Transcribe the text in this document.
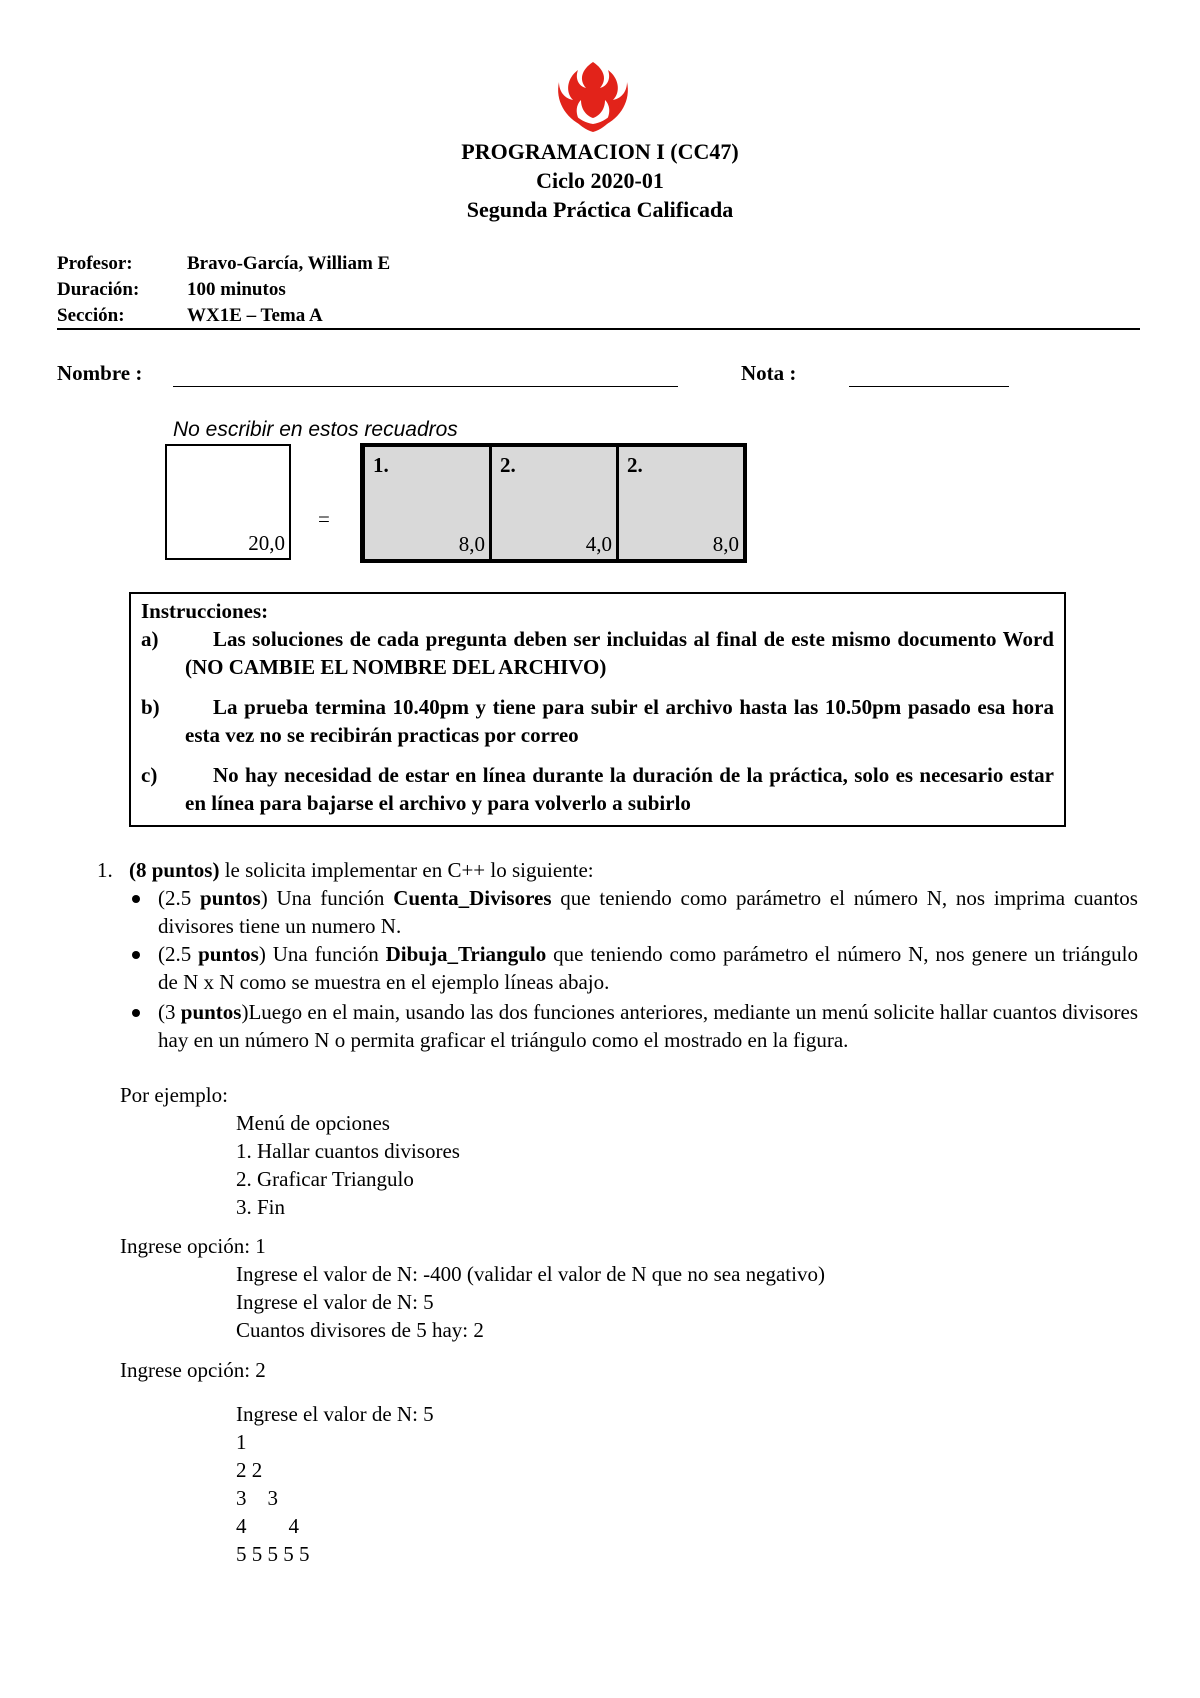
PROGRAMACION I (CC47)
Ciclo 2020-01
Segunda Práctica Calificada
Profesor:	Bravo-García, William E
Duración:	100 minutos
Sección:	WX1E – Tema A
Nombre :	Nota :
No escribir en estos recuadros
20,0
=
1.
8,0
2.
4,0
2.
8,0
Instrucciones:
a)	Las soluciones de cada pregunta deben ser incluidas al final de este mismo documento Word (NO CAMBIE EL NOMBRE DEL ARCHIVO)
b)	La prueba termina 10.40pm y tiene para subir el archivo hasta las 10.50pm pasado esa hora esta vez no se recibirán practicas por correo
c)	No hay necesidad de estar en línea durante la duración de la práctica, solo es necesario estar en línea para bajarse el archivo y para volverlo a subirlo
1. (8 puntos) le solicita implementar en C++ lo siguiente:
(2.5 puntos) Una función Cuenta_Divisores que teniendo como parámetro el número N, nos imprima cuantos divisores tiene un numero N.
(2.5 puntos) Una función Dibuja_Triangulo que teniendo como parámetro el número N, nos genere un triángulo de N x N como se muestra en el ejemplo líneas abajo.
(3 puntos)Luego en el main, usando las dos funciones anteriores, mediante un menú solicite hallar cuantos divisores hay en un número N o permita graficar el triángulo como el mostrado en la figura.
Por ejemplo:
Menú de opciones
1. Hallar cuantos divisores
2. Graficar Triangulo
3. Fin
Ingrese opción: 1
Ingrese el valor de N: -400 (validar el valor de N que no sea negativo)
Ingrese el valor de N: 5
Cuantos divisores de 5 hay: 2
Ingrese opción: 2
Ingrese el valor de N: 5
1
2 2
3    3
4        4
5 5 5 5 5
